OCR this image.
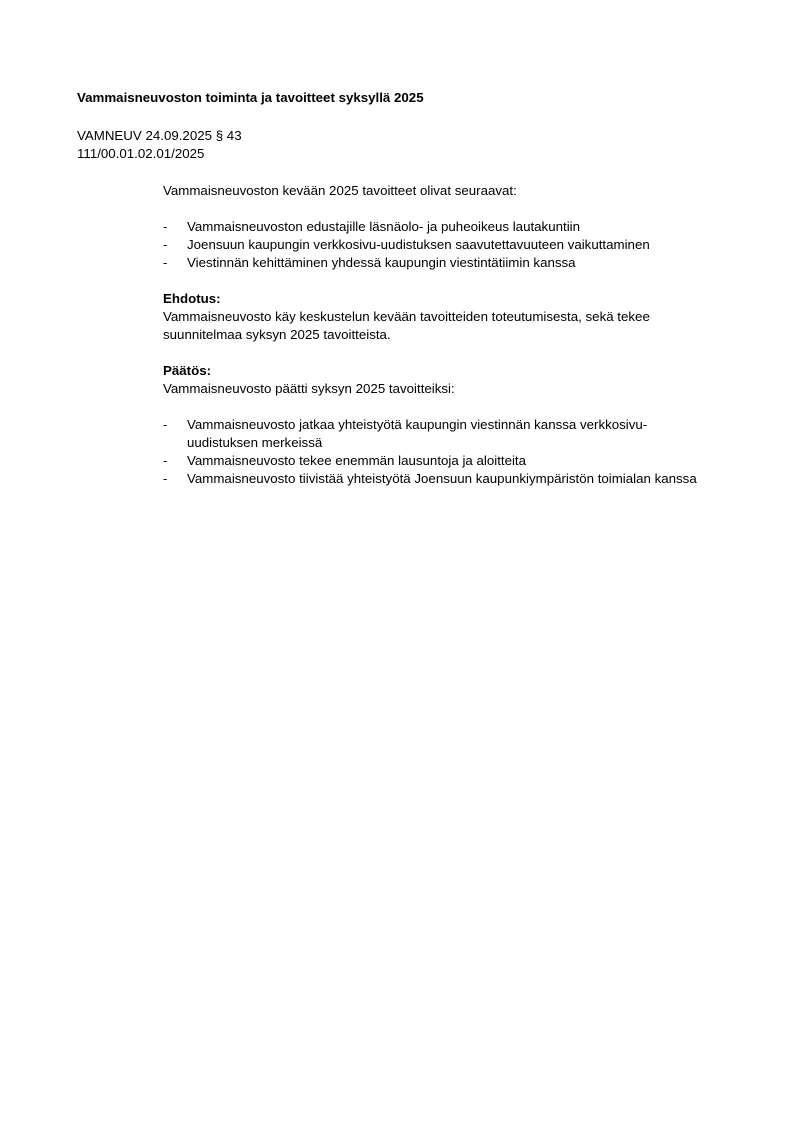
Vammaisneuvoston toiminta ja tavoitteet syksyllä 2025
VAMNEUV 24.09.2025 § 43
111/00.01.02.01/2025

Vammaisneuvoston kevään 2025 tavoitteet olivat seuraavat:

- Vammaisneuvoston edustajille läsnäolo- ja puheoikeus lautakuntiin
- Joensuun kaupungin verkkosivu-uudistuksen saavutettavuuteen vaikuttaminen
- Viestinnän kehittäminen yhdessä kaupungin viestintätiimin kanssa
Ehdotus:

Vammaisneuvosto käy keskustelun kevään tavoitteiden toteutumisesta, sekä tekee suunnitelmaa syksyn 2025 tavoitteista.

Päätös:

Vammaisneuvosto päätti syksyn 2025 tavoitteiksi:

- Vammaisneuvosto jatkaa yhteistyötä kaupungin viestinnän kanssa verkkosivu-uudistuksen merkeissä
- Vammaisneuvosto tekee enemmän lausuntoja ja aloitteita
- Vammaisneuvosto tiivistää yhteistyötä Joensuun kaupunkiympäristön toimialan kanssa
